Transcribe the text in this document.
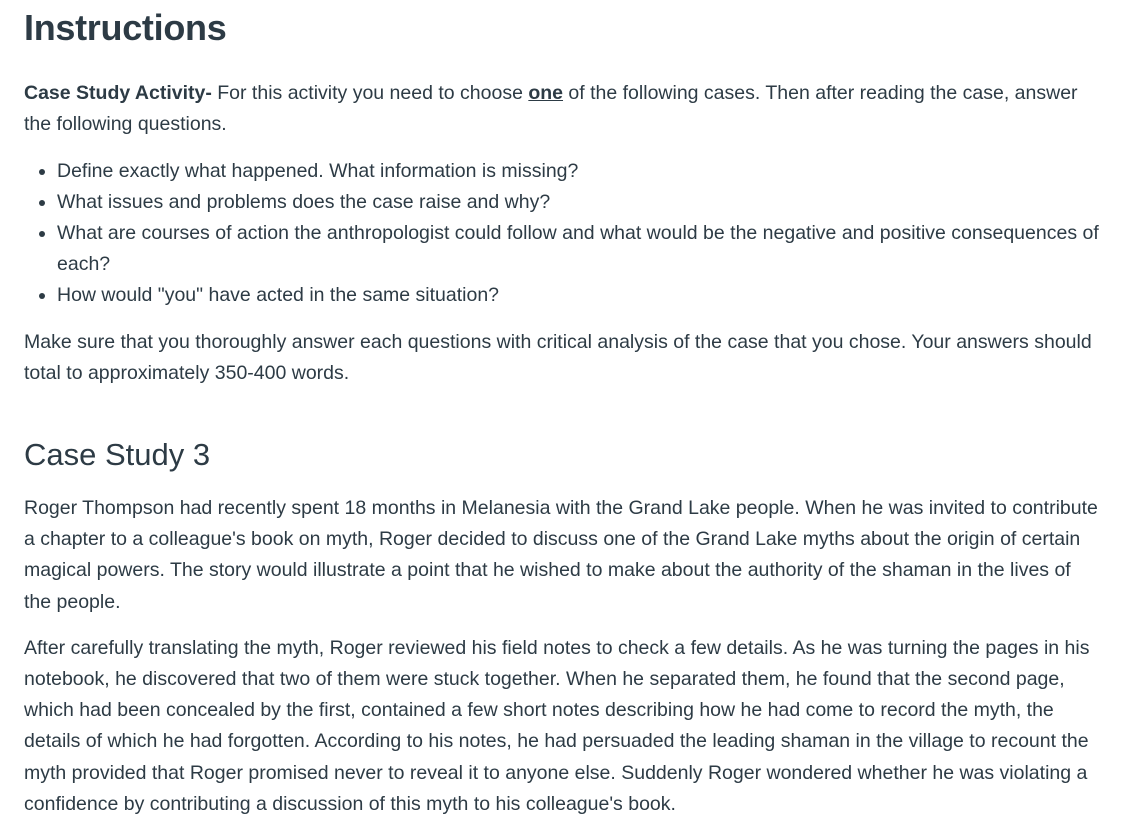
Instructions

Case Study Activity- For this activity you need to choose one of the following cases. Then after reading the case, answer the following questions.

• Define exactly what happened. What information is missing?
• What issues and problems does the case raise and why?
• What are courses of action the anthropologist could follow and what would be the negative and positive consequences of each?
• How would "you" have acted in the same situation?

Make sure that you thoroughly answer each questions with critical analysis of the case that you chose. Your answers should total to approximately 350-400 words.

Case Study 3

Roger Thompson had recently spent 18 months in Melanesia with the Grand Lake people. When he was invited to contribute a chapter to a colleague's book on myth, Roger decided to discuss one of the Grand Lake myths about the origin of certain magical powers. The story would illustrate a point that he wished to make about the authority of the shaman in the lives of the people.

After carefully translating the myth, Roger reviewed his field notes to check a few details. As he was turning the pages in his notebook, he discovered that two of them were stuck together. When he separated them, he found that the second page, which had been concealed by the first, contained a few short notes describing how he had come to record the myth, the details of which he had forgotten. According to his notes, he had persuaded the leading shaman in the village to recount the myth provided that Roger promised never to reveal it to anyone else. Suddenly Roger wondered whether he was violating a confidence by contributing a discussion of this myth to his colleague's book.
